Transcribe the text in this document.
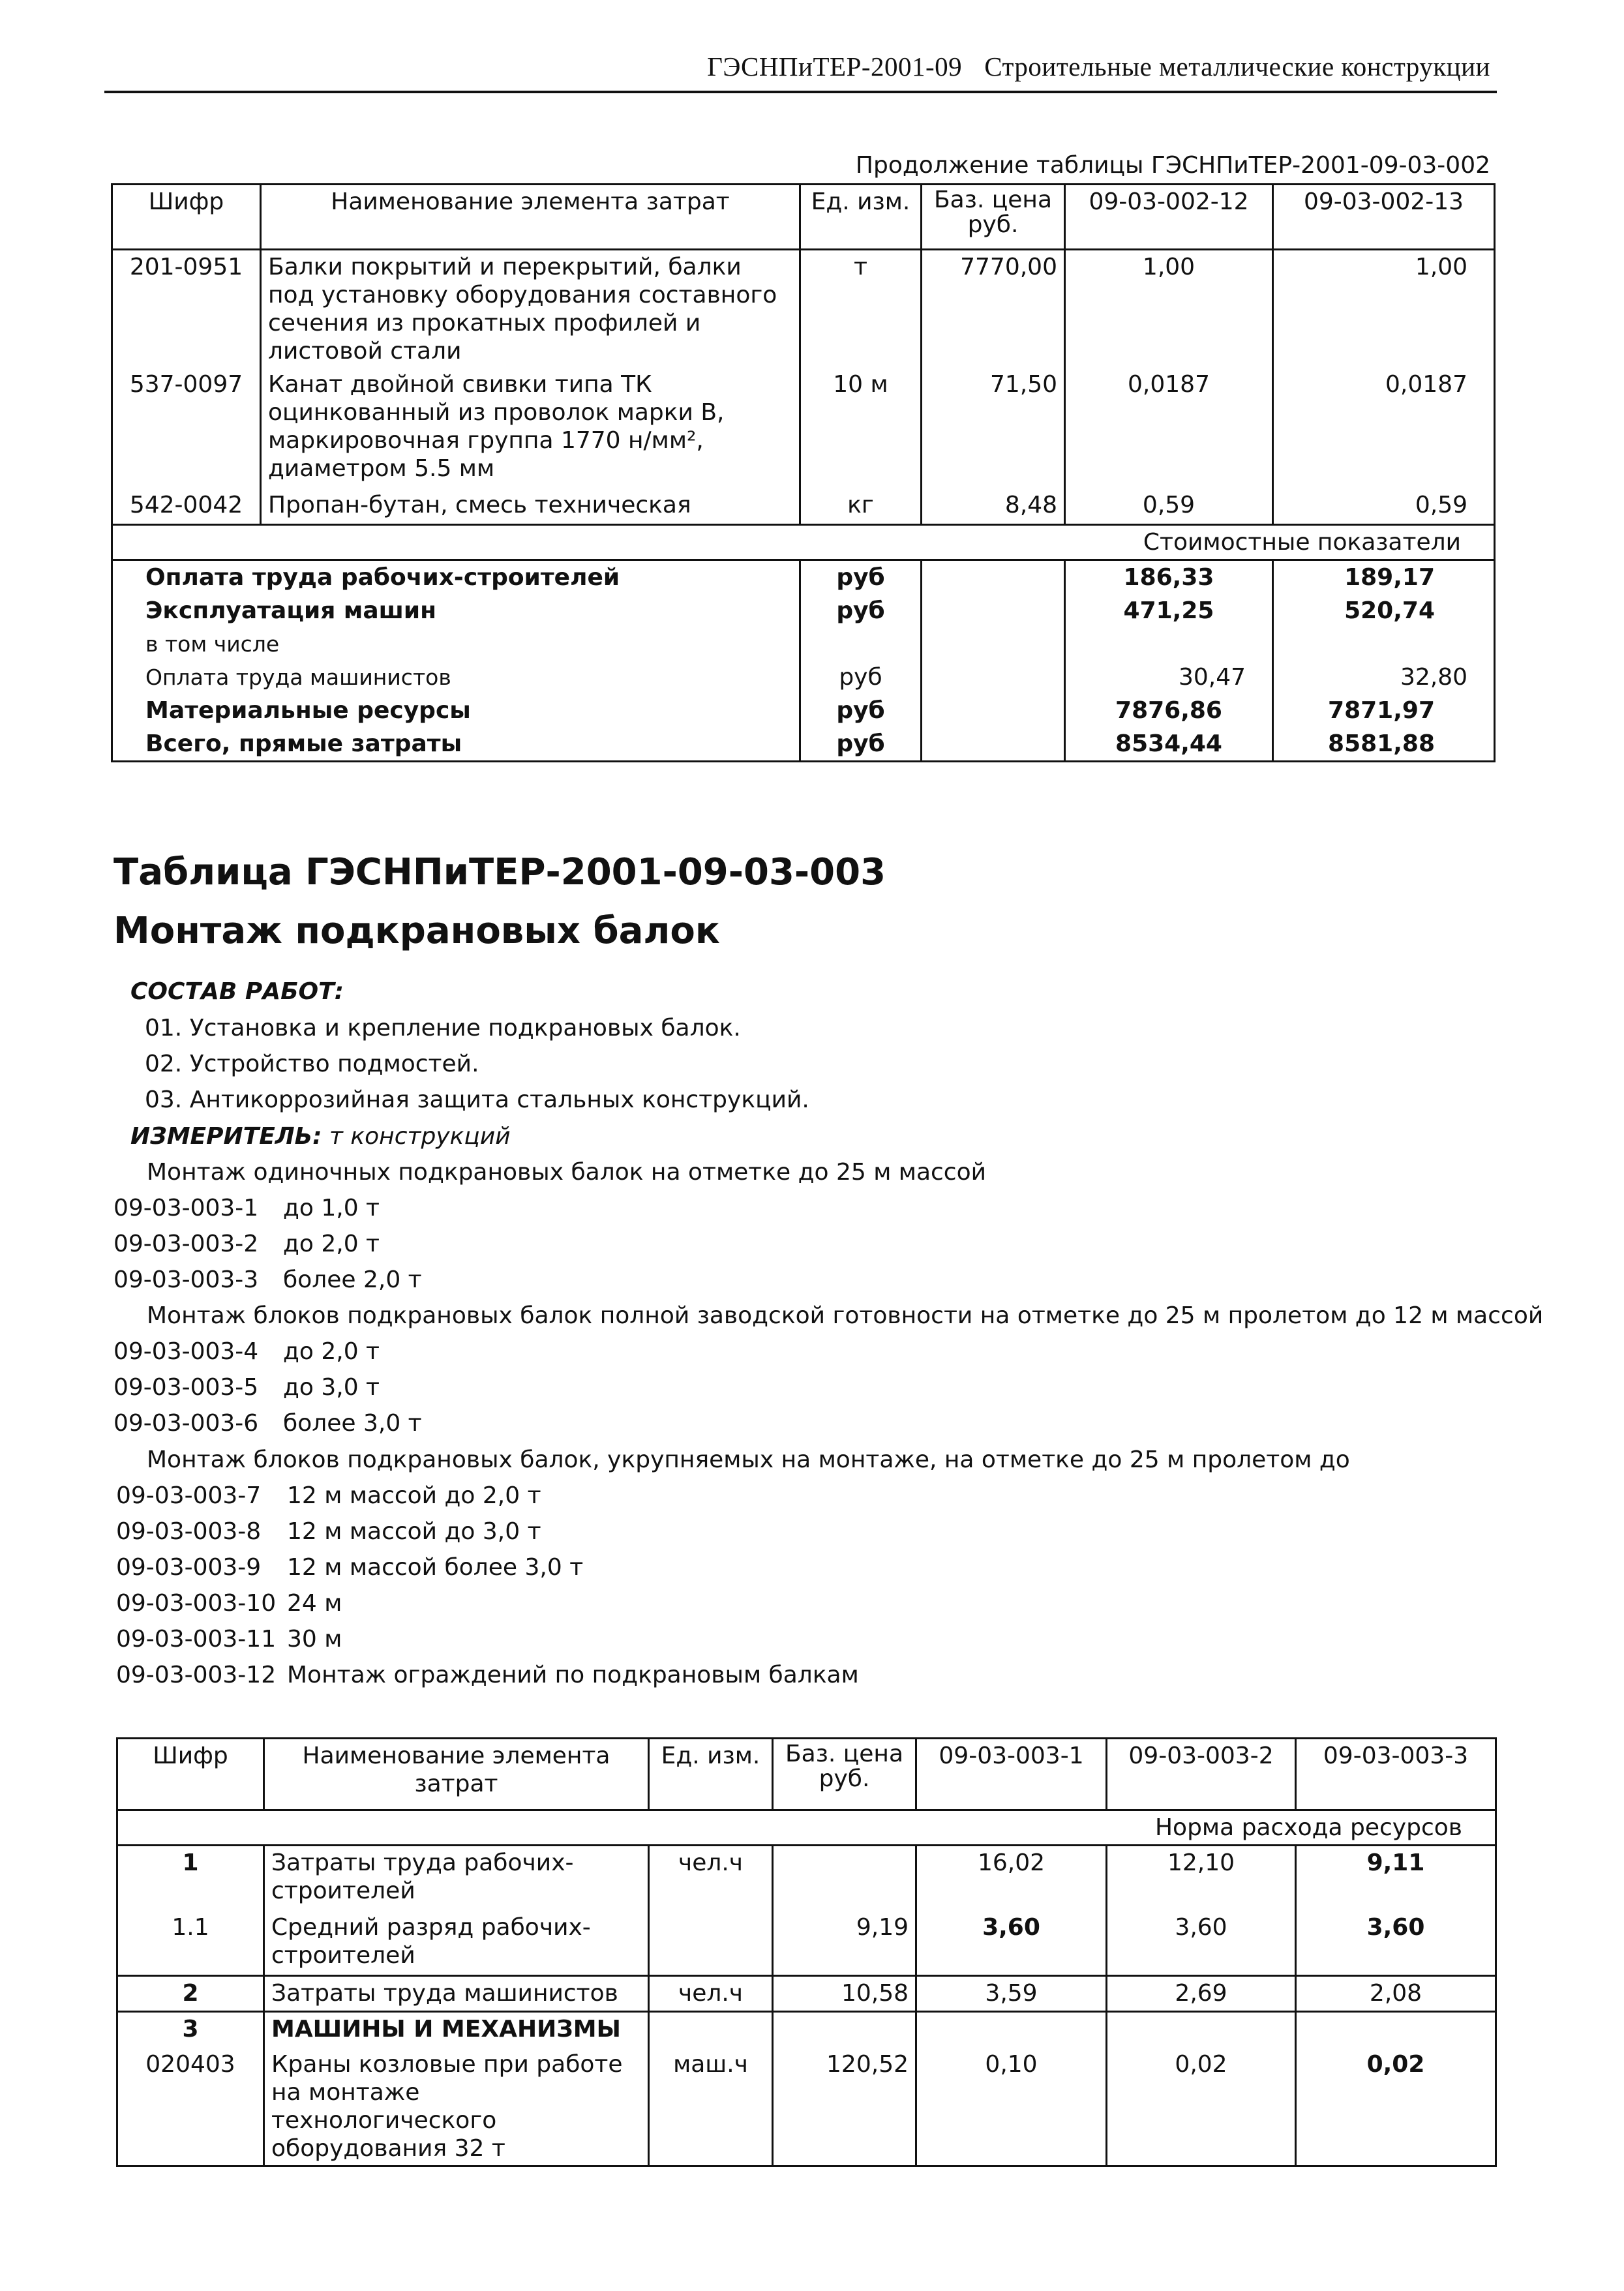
ГЭСНПиТЕР-2001-09 Строительные металлические конструкции
Продолжение таблицы ГЭСНПиТЕР-2001-09-03-002
Шифр	Наименование элемента затрат	Ед. изм.	Баз. цена руб.	09-03-002-12	09-03-002-13
201-0951	Балки покрытий и перекрытий, балки под установку оборудования составного сечения из прокатных профилей и листовой стали	т	7770,00	1,00	1,00
537-0097	Канат двойной свивки типа ТК оцинкованный из проволок марки В, маркировочная группа 1770 н/мм², диаметром 5.5 мм	10 м	71,50	0,0187	0,0187
542-0042	Пропан-бутан, смесь техническая	кг	8,48	0,59	0,59
Стоимостные показатели					
Оплата труда рабочих-строителей		руб		186,33	189,17
Эксплуатация машин		руб		471,25	520,74
в том числе					
Оплата труда машинистов		руб		30,47	32,80
Материальные ресурсы		руб		7876,86	7871,97
Всего, прямые затраты		руб		8534,44	8581,88
Таблица ГЭСНПиТЕР-2001-09-03-003
Монтаж подкрановых балок
СОСТАВ РАБОТ:
01. Установка и крепление подкрановых балок.
02. Устройство подмостей.
03. Антикоррозийная защита стальных конструкций.
ИЗМЕРИТЕЛЬ: т конструкций
Монтаж одиночных подкрановых балок на отметке до 25 м массой
09-03-003-1 до 1,0 т
09-03-003-2 до 2,0 т
09-03-003-3 более 2,0 т
Монтаж блоков подкрановых балок полной заводской готовности на отметке до 25 м пролетом до 12 м массой
09-03-003-4 до 2,0 т
09-03-003-5 до 3,0 т
09-03-003-6 более 3,0 т
Монтаж блоков подкрановых балок, укрупняемых на монтаже, на отметке до 25 м пролетом до
09-03-003-7 12 м массой до 2,0 т
09-03-003-8 12 м массой до 3,0 т
09-03-003-9 12 м массой более 3,0 т
09-03-003-10 24 м
09-03-003-11 30 м
09-03-003-12 Монтаж ограждений по подкрановым балкам
Шифр	Наименование элемента затрат	Ед. изм.	Баз. цена руб.	09-03-003-1	09-03-003-2	09-03-003-3
Норма расхода ресурсов						
1	Затраты труда рабочих-строителей	чел.ч		16,02	12,10	9,11
1.1	Средний разряд рабочих-строителей		9,19	3,60	3,60	3,60
2	Затраты труда машинистов	чел.ч	10,58	3,59	2,69	2,08
3	МАШИНЫ И МЕХАНИЗМЫ					
020403	Краны козловые при работе на монтаже технологического оборудования 32 т	маш.ч	120,52	0,10	0,02	0,02
